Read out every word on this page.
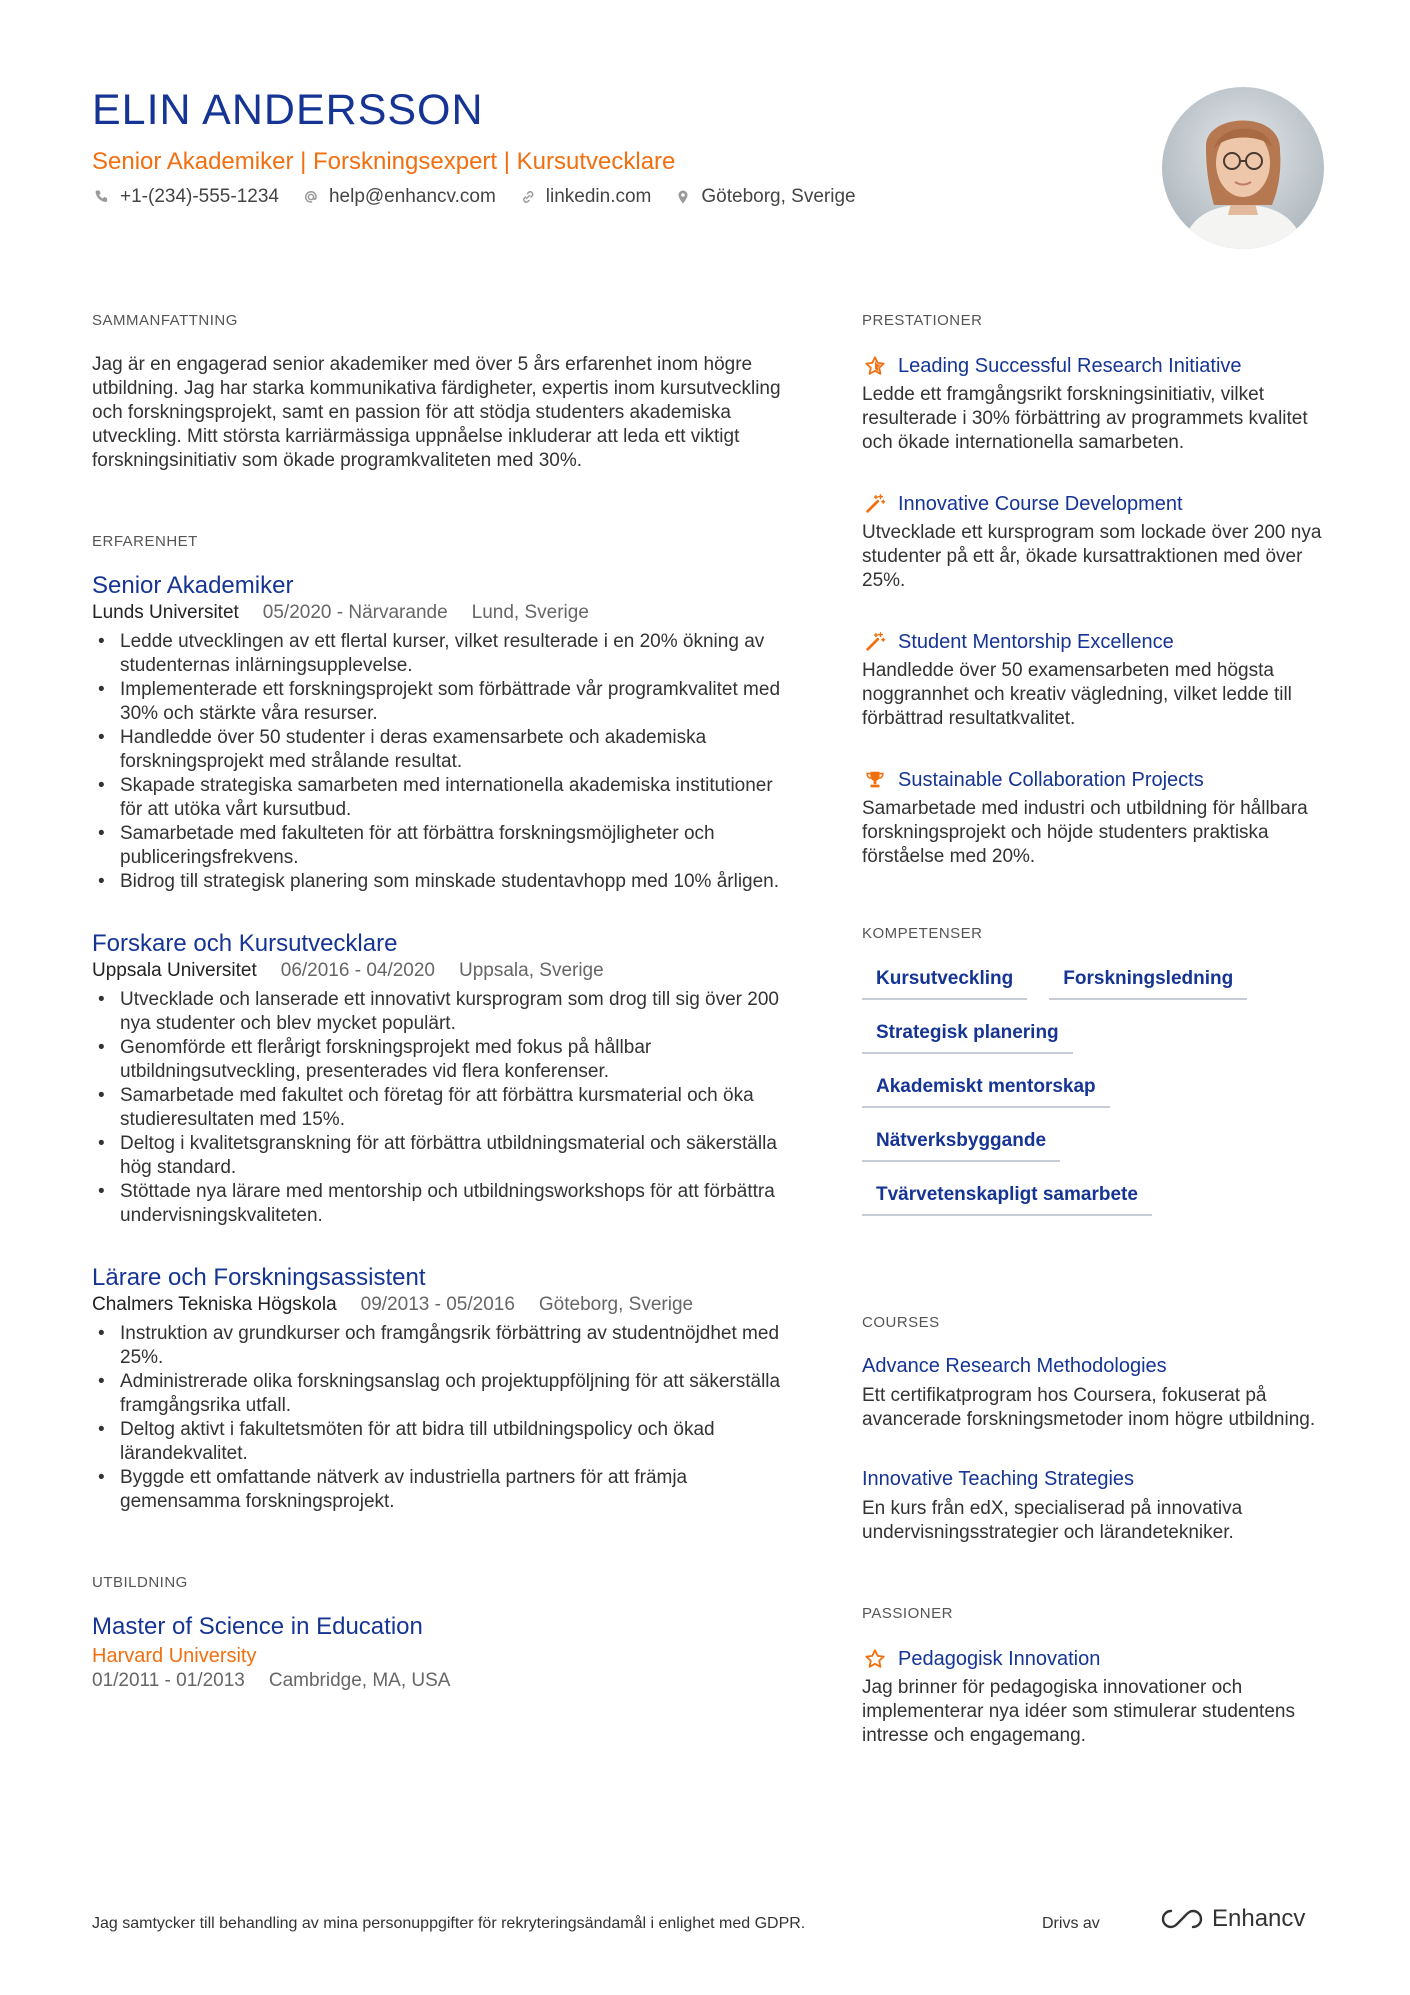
ELIN ANDERSSON
Senior Akademiker | Forskningsexpert | Kursutvecklare
+1-(234)-555-1234	help@enhancv.com	linkedin.com	Göteborg, Sverige
SAMMANFATTNING

Jag är en engagerad senior akademiker med över 5 års erfarenhet inom högre utbildning. Jag har starka kommunikativa färdigheter, expertis inom kursutveckling och forskningsprojekt, samt en passion för att stödja studenters akademiska utveckling. Mitt största karriärmässiga uppnåelse inkluderar att leda ett viktigt forskningsinitiativ som ökade programkvaliteten med 30%.

ERFARENHET
Senior Akademiker
Lunds Universitet 05/2020 - Närvarande Lund, Sverige
• Ledde utvecklingen av ett flertal kurser, vilket resulterade i en 20% ökning av studenternas inlärningsupplevelse.
• Implementerade ett forskningsprojekt som förbättrade vår programkvalitet med 30% och stärkte våra resurser.
• Handledde över 50 studenter i deras examensarbete och akademiska forskningsprojekt med strålande resultat.
• Skapade strategiska samarbeten med internationella akademiska institutioner för att utöka vårt kursutbud.
• Samarbetade med fakulteten för att förbättra forskningsmöjligheter och publiceringsfrekvens.
• Bidrog till strategisk planering som minskade studentavhopp med 10% årligen.
Forskare och Kursutvecklare
Uppsala Universitet 06/2016 - 04/2020 Uppsala, Sverige
• Utvecklade och lanserade ett innovativt kursprogram som drog till sig över 200 nya studenter och blev mycket populärt.
• Genomförde ett flerårigt forskningsprojekt med fokus på hållbar utbildningsutveckling, presenterades vid flera konferenser.
• Samarbetade med fakultet och företag för att förbättra kursmaterial och öka studieresultaten med 15%.
• Deltog i kvalitetsgranskning för att förbättra utbildningsmaterial och säkerställa hög standard.
• Stöttade nya lärare med mentorship och utbildningsworkshops för att förbättra undervisningskvaliteten.
Lärare och Forskningsassistent
Chalmers Tekniska Högskola 09/2013 - 05/2016 Göteborg, Sverige
• Instruktion av grundkurser och framgångsrik förbättring av studentnöjdhet med 25%.
• Administrerade olika forskningsanslag och projektuppföljning för att säkerställa framgångsrika utfall.
• Deltog aktivt i fakultetsmöten för att bidra till utbildningspolicy och ökad lärandekvalitet.
• Byggde ett omfattande nätverk av industriella partners för att främja gemensamma forskningsprojekt.
UTBILDNING
Master of Science in Education
Harvard University
01/2011 - 01/2013 Cambridge, MA, USA
PRESTATIONER
Leading Successful Research Initiative

Ledde ett framgångsrikt forskningsinitiativ, vilket resulterade i 30% förbättring av programmets kvalitet och ökade internationella samarbeten.

Innovative Course Development

Utvecklade ett kursprogram som lockade över 200 nya studenter på ett år, ökade kursattraktionen med över 25%.

Student Mentorship Excellence

Handledde över 50 examensarbeten med högsta noggrannhet och kreativ vägledning, vilket ledde till förbättrad resultatkvalitet.

Sustainable Collaboration Projects

Samarbetade med industri och utbildning för hållbara forskningsprojekt och höjde studenters praktiska förståelse med 20%.

KOMPETENSER
Kursutveckling	Forskningsledning
Strategisk planering
Akademiskt mentorskap
Nätverksbyggande
Tvärvetenskapligt samarbete
COURSES
Advance Research Methodologies

Ett certifikatprogram hos Coursera, fokuserat på avancerade forskningsmetoder inom högre utbildning.

Innovative Teaching Strategies

En kurs från edX, specialiserad på innovativa undervisningsstrategier och lärandetekniker.

PASSIONER
Pedagogisk Innovation

Jag brinner för pedagogiska innovationer och implementerar nya idéer som stimulerar studentens intresse och engagemang.

Jag samtycker till behandling av mina personuppgifter för rekryteringsändamål i enlighet med GDPR.	Drivs av	Enhancv
